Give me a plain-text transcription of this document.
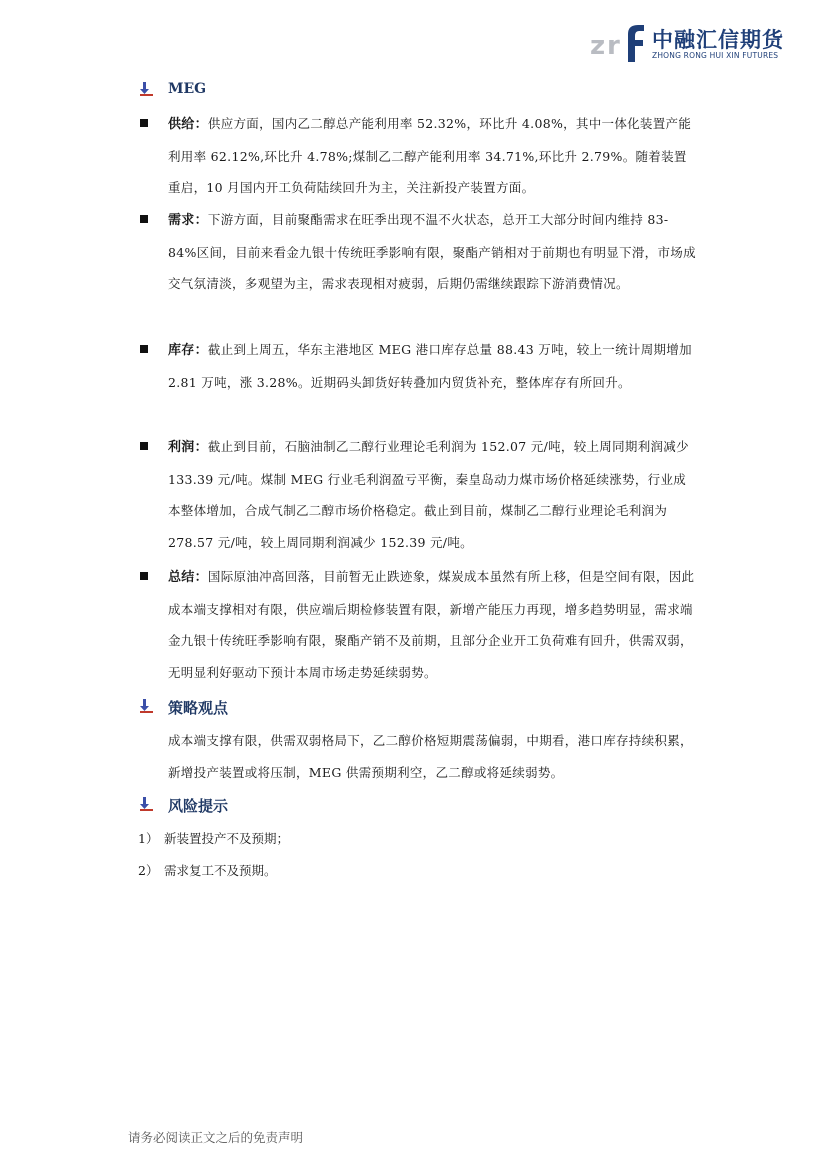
z r 中融汇信期货
ZHONG RONG HUI XIN FUTURES
MEG
供给：供应方面，国内乙二醇总产能利用率 52.32%，环比升 4.08%，其中一体化装置产能利用率 62.12%,环比升 4.78%;煤制乙二醇产能利用率 34.71%,环比升 2.79%。随着装置重启，10 月国内开工负荷陆续回升为主，关注新投产装置方面。
需求：下游方面，目前聚酯需求在旺季出现不温不火状态，总开工大部分时间内维持 83-84%区间，目前来看金九银十传统旺季影响有限，聚酯产销相对于前期也有明显下滑，市场成交气氛清淡，多观望为主，需求表现相对疲弱，后期仍需继续跟踪下游消费情况。
库存：截止到上周五，华东主港地区 MEG 港口库存总量 88.43 万吨，较上一统计周期增加 2.81 万吨，涨 3.28%。近期码头卸货好转叠加内贸货补充，整体库存有所回升。
利润：截止到目前，石脑油制乙二醇行业理论毛利润为 152.07 元/吨，较上周同期利润减少 133.39 元/吨。煤制 MEG 行业毛利润盈亏平衡，秦皇岛动力煤市场价格延续涨势，行业成本整体增加，合成气制乙二醇市场价格稳定。截止到目前，煤制乙二醇行业理论毛利润为 278.57 元/吨，较上周同期利润减少 152.39 元/吨。
总结：国际原油冲高回落，目前暂无止跌迹象，煤炭成本虽然有所上移，但是空间有限，因此成本端支撑相对有限，供应端后期检修装置有限，新增产能压力再现，增多趋势明显，需求端金九银十传统旺季影响有限，聚酯产销不及前期，且部分企业开工负荷难有回升，供需双弱，无明显利好驱动下预计本周市场走势延续弱势。
策略观点
成本端支撑有限，供需双弱格局下，乙二醇价格短期震荡偏弱，中期看，港口库存持续积累，新增投产装置或将压制，MEG 供需预期利空，乙二醇或将延续弱势。
风险提示
1） 新装置投产不及预期；
2） 需求复工不及预期。
请务必阅读正文之后的免责声明
